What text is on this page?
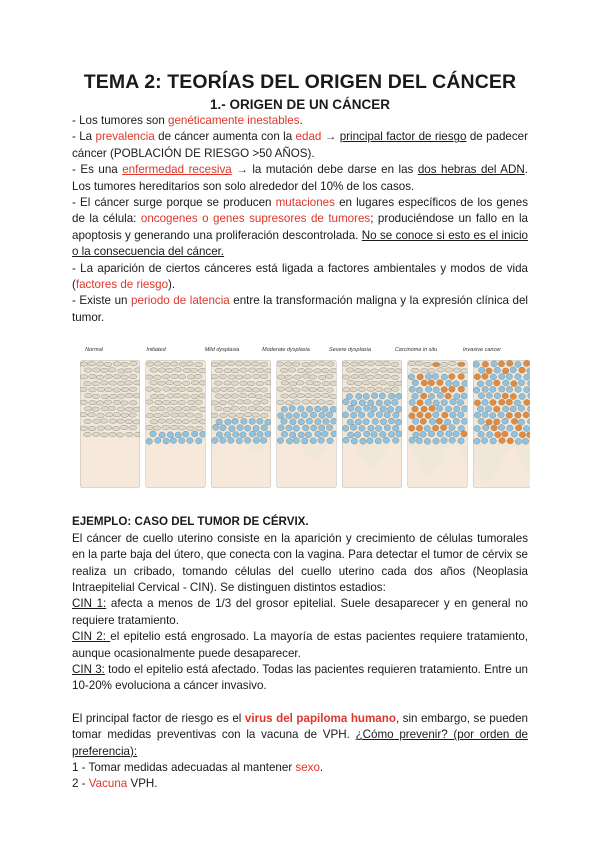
TEMA 2: TEORÍAS DEL ORIGEN DEL CÁNCER
1.- ORIGEN DE UN CÁNCER

- Los tumores son genéticamente inestables.

- La prevalencia de cáncer aumenta con la edad → principal factor de riesgo de padecer cáncer (POBLACIÓN DE RIESGO >50 AÑOS).

- Es una enfermedad recesiva → la mutación debe darse en las dos hebras del ADN. Los tumores hereditarios son solo alrededor del 10% de los casos.

- El cáncer surge porque se producen mutaciones en lugares específicos de los genes de la célula: oncogenes o genes supresores de tumores; produciéndose un fallo en la apoptosis y generando una proliferación descontrolada. No se conoce si esto es el inicio o la consecuencia del cáncer.

- La aparición de ciertos cánceres está ligada a factores ambientales y modos de vida (factores de riesgo).

- Existe un periodo de latencia entre la transformación maligna y la expresión clínica del tumor.

Normal	Initiated	Mild dysplasia	Moderate dysplasia	Severe dysplasia	Carcinoma in situ	Invasive cancer
EJEMPLO: CASO DEL TUMOR DE CÉRVIX.

El cáncer de cuello uterino consiste en la aparición y crecimiento de células tumorales en la parte baja del útero, que conecta con la vagina. Para detectar el tumor de cérvix se realiza un cribado, tomando células del cuello uterino cada dos años (Neoplasia Intraepitelial Cervical - CIN). Se distinguen distintos estadios:

CIN 1: afecta a menos de 1/3 del grosor epitelial. Suele desaparecer y en general no requiere tratamiento.

CIN 2: el epitelio está engrosado. La mayoría de estas pacientes requiere tratamiento, aunque ocasionalmente puede desaparecer.

CIN 3: todo el epitelio está afectado. Todas las pacientes requieren tratamiento. Entre un 10-20% evoluciona a cáncer invasivo.

El principal factor de riesgo es el virus del papiloma humano, sin embargo, se pueden tomar medidas preventivas con la vacuna de VPH. ¿Cómo prevenir? (por orden de preferencia):

1 - Tomar medidas adecuadas al mantener sexo.

2 - Vacuna VPH.
